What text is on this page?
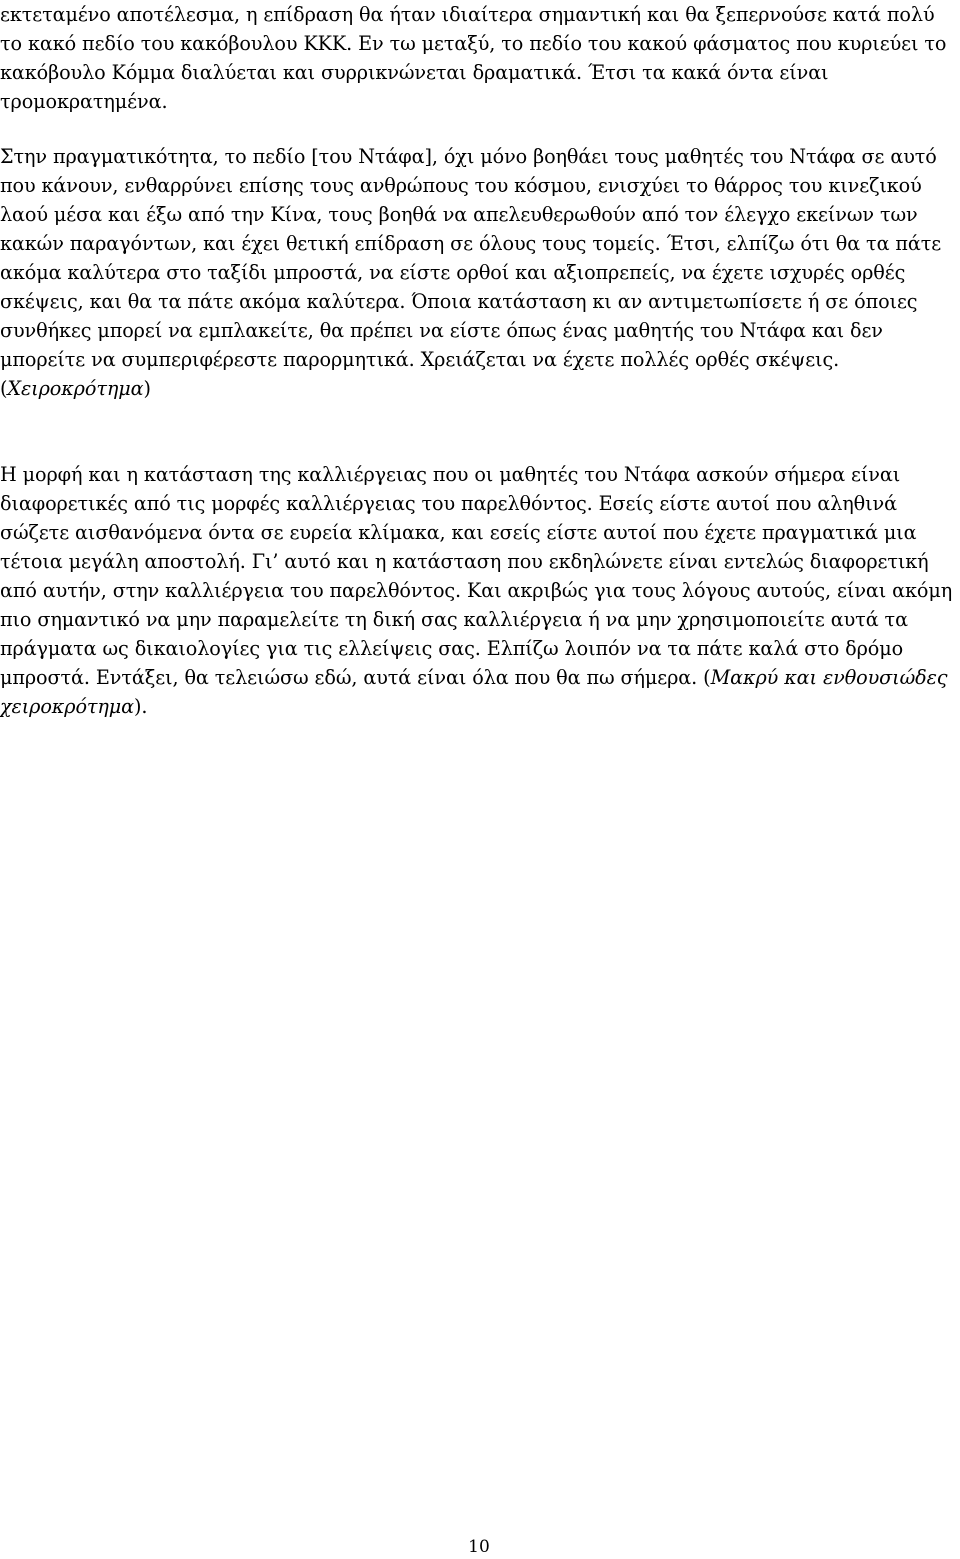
εκτεταμένο αποτέλεσμα, η επίδραση θα ήταν ιδιαίτερα σημαντική και θα ξεπερνούσε κατά πολύ το κακό πεδίο του κακόβουλου ΚΚΚ. Εν τω μεταξύ, το πεδίο του κακού φάσματος που κυριεύει το κακόβουλο Κόμμα διαλύεται και συρρικνώνεται δραματικά. Έτσι τα κακά όντα είναι τρομοκρατημένα.

Στην πραγματικότητα, το πεδίο [του Ντάφα], όχι μόνο βοηθάει τους μαθητές του Ντάφα σε αυτό που κάνουν, ενθαρρύνει επίσης τους ανθρώπους του κόσμου, ενισχύει το θάρρος του κινεζικού λαού μέσα και έξω από την Κίνα, τους βοηθά να απελευθερωθούν από τον έλεγχο εκείνων των κακών παραγόντων, και έχει θετική επίδραση σε όλους τους τομείς. Έτσι, ελπίζω ότι θα τα πάτε ακόμα καλύτερα στο ταξίδι μπροστά, να είστε ορθοί και αξιοπρεπείς, να έχετε ισχυρές ορθές σκέψεις, και θα τα πάτε ακόμα καλύτερα. Όποια κατάσταση κι αν αντιμετωπίσετε ή σε όποιες συνθήκες μπορεί να εμπλακείτε, θα πρέπει να είστε όπως ένας μαθητής του Ντάφα και δεν μπορείτε να συμπεριφέρεστε παρορμητικά. Χρειάζεται να έχετε πολλές ορθές σκέψεις. (Χειροκρότημα)

Η μορφή και η κατάσταση της καλλιέργειας που οι μαθητές του Ντάφα ασκούν σήμερα είναι διαφορετικές από τις μορφές καλλιέργειας του παρελθόντος. Εσείς είστε αυτοί που αληθινά σώζετε αισθανόμενα όντα σε ευρεία κλίμακα, και εσείς είστε αυτοί που έχετε πραγματικά μια τέτοια μεγάλη αποστολή. Γι’ αυτό και η κατάσταση που εκδηλώνετε είναι εντελώς διαφορετική από αυτήν, στην καλλιέργεια του παρελθόντος. Και ακριβώς για τους λόγους αυτούς, είναι ακόμη πιο σημαντικό να μην παραμελείτε τη δική σας καλλιέργεια ή να μην χρησιμοποιείτε αυτά τα πράγματα ως δικαιολογίες για τις ελλείψεις σας. Ελπίζω λοιπόν να τα πάτε καλά στο δρόμο μπροστά. Εντάξει, θα τελειώσω εδώ, αυτά είναι όλα που θα πω σήμερα. (Μακρύ και ενθουσιώδες χειροκρότημα).

10
